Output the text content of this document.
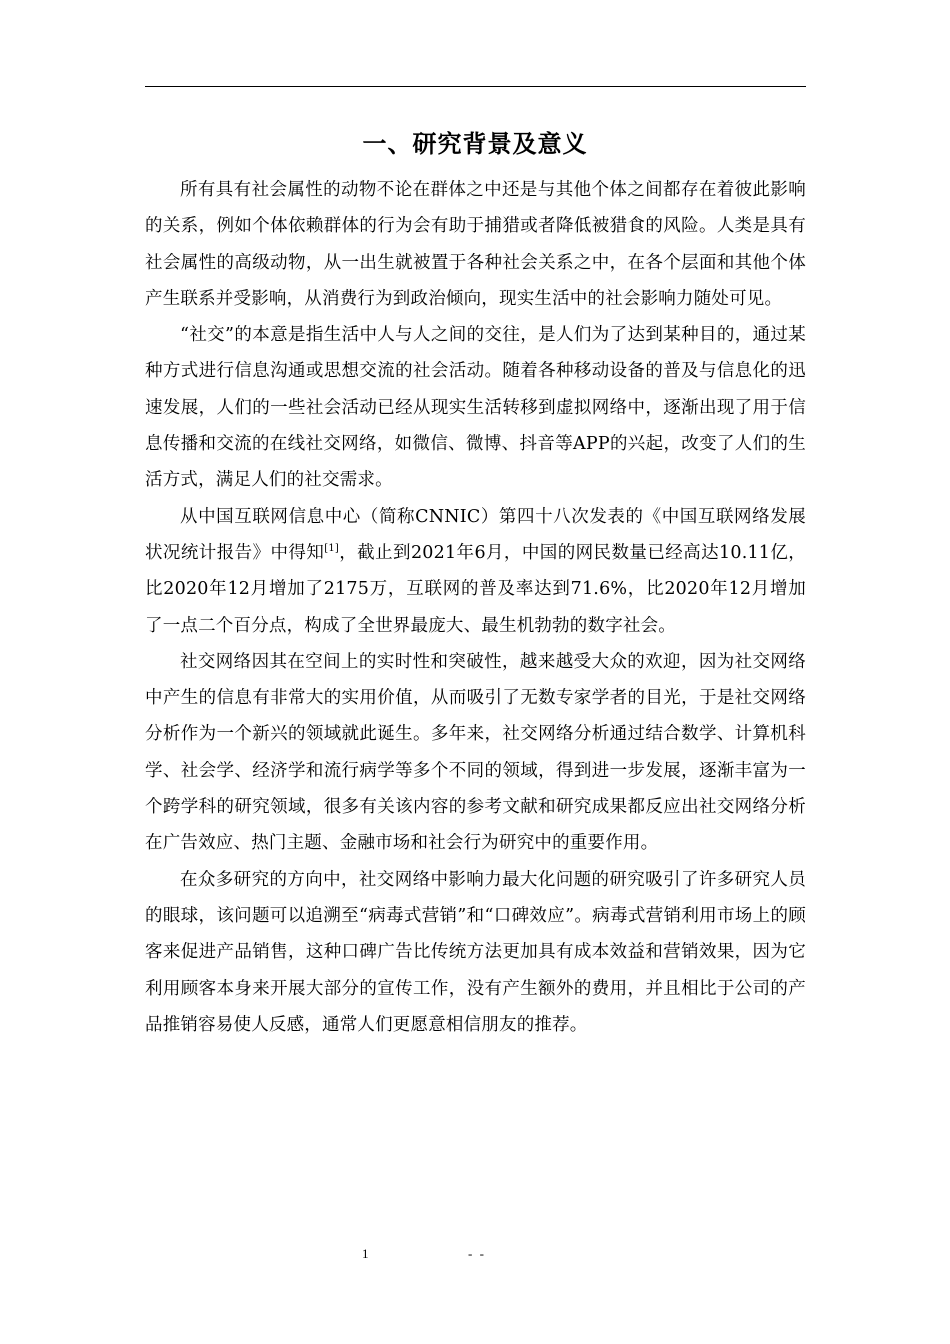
一、研究背景及意义

所有具有社会属性的动物不论在群体之中还是与其他个体之间都存在着彼此影响的关系，例如个体依赖群体的行为会有助于捕猎或者降低被猎食的风险。人类是具有社会属性的高级动物，从一出生就被置于各种社会关系之中，在各个层面和其他个体产生联系并受影响，从消费行为到政治倾向，现实生活中的社会影响力随处可见。

“社交”的本意是指生活中人与人之间的交往，是人们为了达到某种目的，通过某种方式进行信息沟通或思想交流的社会活动。随着各种移动设备的普及与信息化的迅速发展，人们的一些社会活动已经从现实生活转移到虚拟网络中，逐渐出现了用于信息传播和交流的在线社交网络，如微信、微博、抖音等APP的兴起，改变了人们的生活方式，满足人们的社交需求。

从中国互联网信息中心（简称CNNIC）第四十八次发表的《中国互联网络发展状况统计报告》中得知[1]，截止到2021年6月，中国的网民数量已经高达10.11亿，比2020年12月增加了2175万，互联网的普及率达到71.6%，比2020年12月增加了一点二个百分点，构成了全世界最庞大、最生机勃勃的数字社会。

社交网络因其在空间上的实时性和突破性，越来越受大众的欢迎，因为社交网络中产生的信息有非常大的实用价值，从而吸引了无数专家学者的目光，于是社交网络分析作为一个新兴的领域就此诞生。多年来，社交网络分析通过结合数学、计算机科学、社会学、经济学和流行病学等多个不同的领域，得到进一步发展，逐渐丰富为一个跨学科的研究领域，很多有关该内容的参考文献和研究成果都反应出社交网络分析在广告效应、热门主题、金融市场和社会行为研究中的重要作用。

在众多研究的方向中，社交网络中影响力最大化问题的研究吸引了许多研究人员的眼球，该问题可以追溯至“病毒式营销”和“口碑效应”。病毒式营销利用市场上的顾客来促进产品销售，这种口碑广告比传统方法更加具有成本效益和营销效果，因为它利用顾客本身来开展大部分的宣传工作，没有产生额外的费用，并且相比于公司的产品推销容易使人反感，通常人们更愿意相信朋友的推荐。

1	- -
